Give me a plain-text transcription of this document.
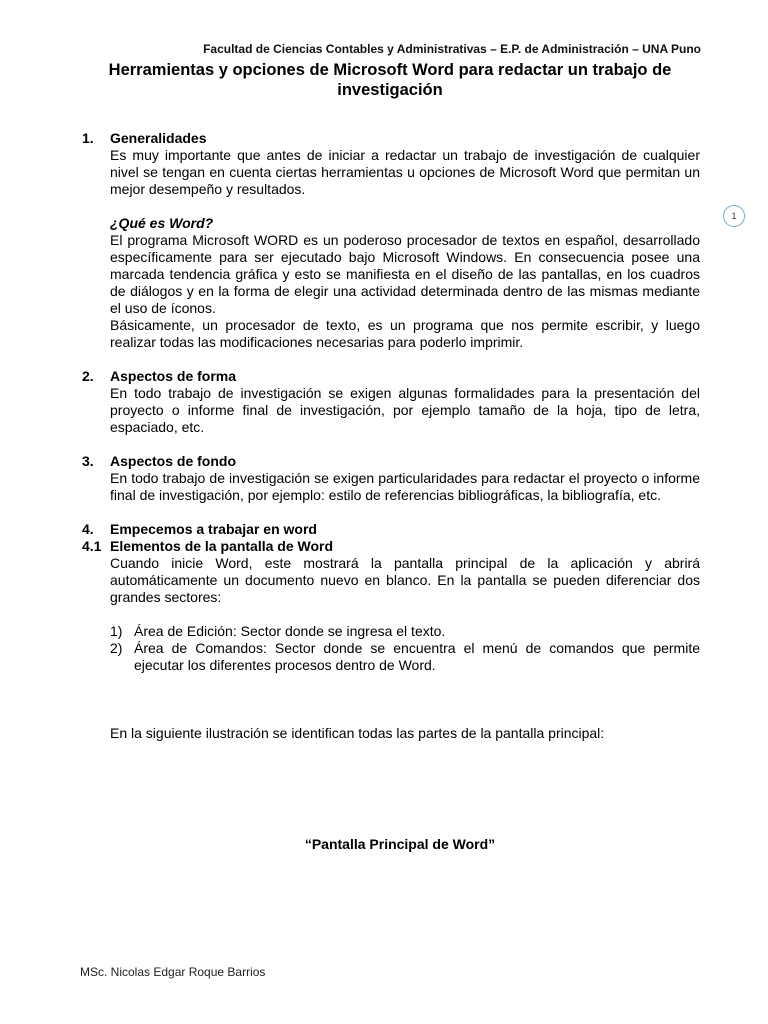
Facultad de Ciencias Contables y Administrativas – E.P. de Administración – UNA Puno
Herramientas y opciones de Microsoft Word para redactar un trabajo de investigación
1
1. Generalidades
Es muy importante que antes de iniciar a redactar un trabajo de investigación de cualquier nivel se tengan en cuenta ciertas herramientas u opciones de Microsoft Word que permitan un mejor desempeño y resultados.
¿Qué es Word?
El programa Microsoft WORD es un poderoso procesador de textos en español, desarrollado específicamente para ser ejecutado bajo Microsoft Windows. En consecuencia posee una marcada tendencia gráfica y esto se manifiesta en el diseño de las pantallas, en los cuadros de diálogos y en la forma de elegir una actividad determinada dentro de las mismas mediante el uso de íconos.
Básicamente, un procesador de texto, es un programa que nos permite escribir, y luego realizar todas las modificaciones necesarias para poderlo imprimir.
2. Aspectos de forma
En todo trabajo de investigación se exigen algunas formalidades para la presentación del proyecto o informe final de investigación, por ejemplo tamaño de la hoja, tipo de letra, espaciado, etc.
3. Aspectos de fondo
En todo trabajo de investigación se exigen particularidades para redactar el proyecto o informe final de investigación, por ejemplo: estilo de referencias bibliográficas, la bibliografía, etc.
4. Empecemos a trabajar en word
4.1 Elementos de la pantalla de Word
Cuando inicie Word, este mostrará la pantalla principal de la aplicación y abrirá automáticamente un documento nuevo en blanco. En la pantalla se pueden diferenciar dos grandes sectores:
1) Área de Edición: Sector donde se ingresa el texto.
2) Área de Comandos: Sector donde se encuentra el menú de comandos que permite ejecutar los diferentes procesos dentro de Word.
En la siguiente ilustración se identifican todas las partes de la pantalla principal:
“Pantalla Principal de Word”
MSc. Nicolas Edgar Roque Barrios
